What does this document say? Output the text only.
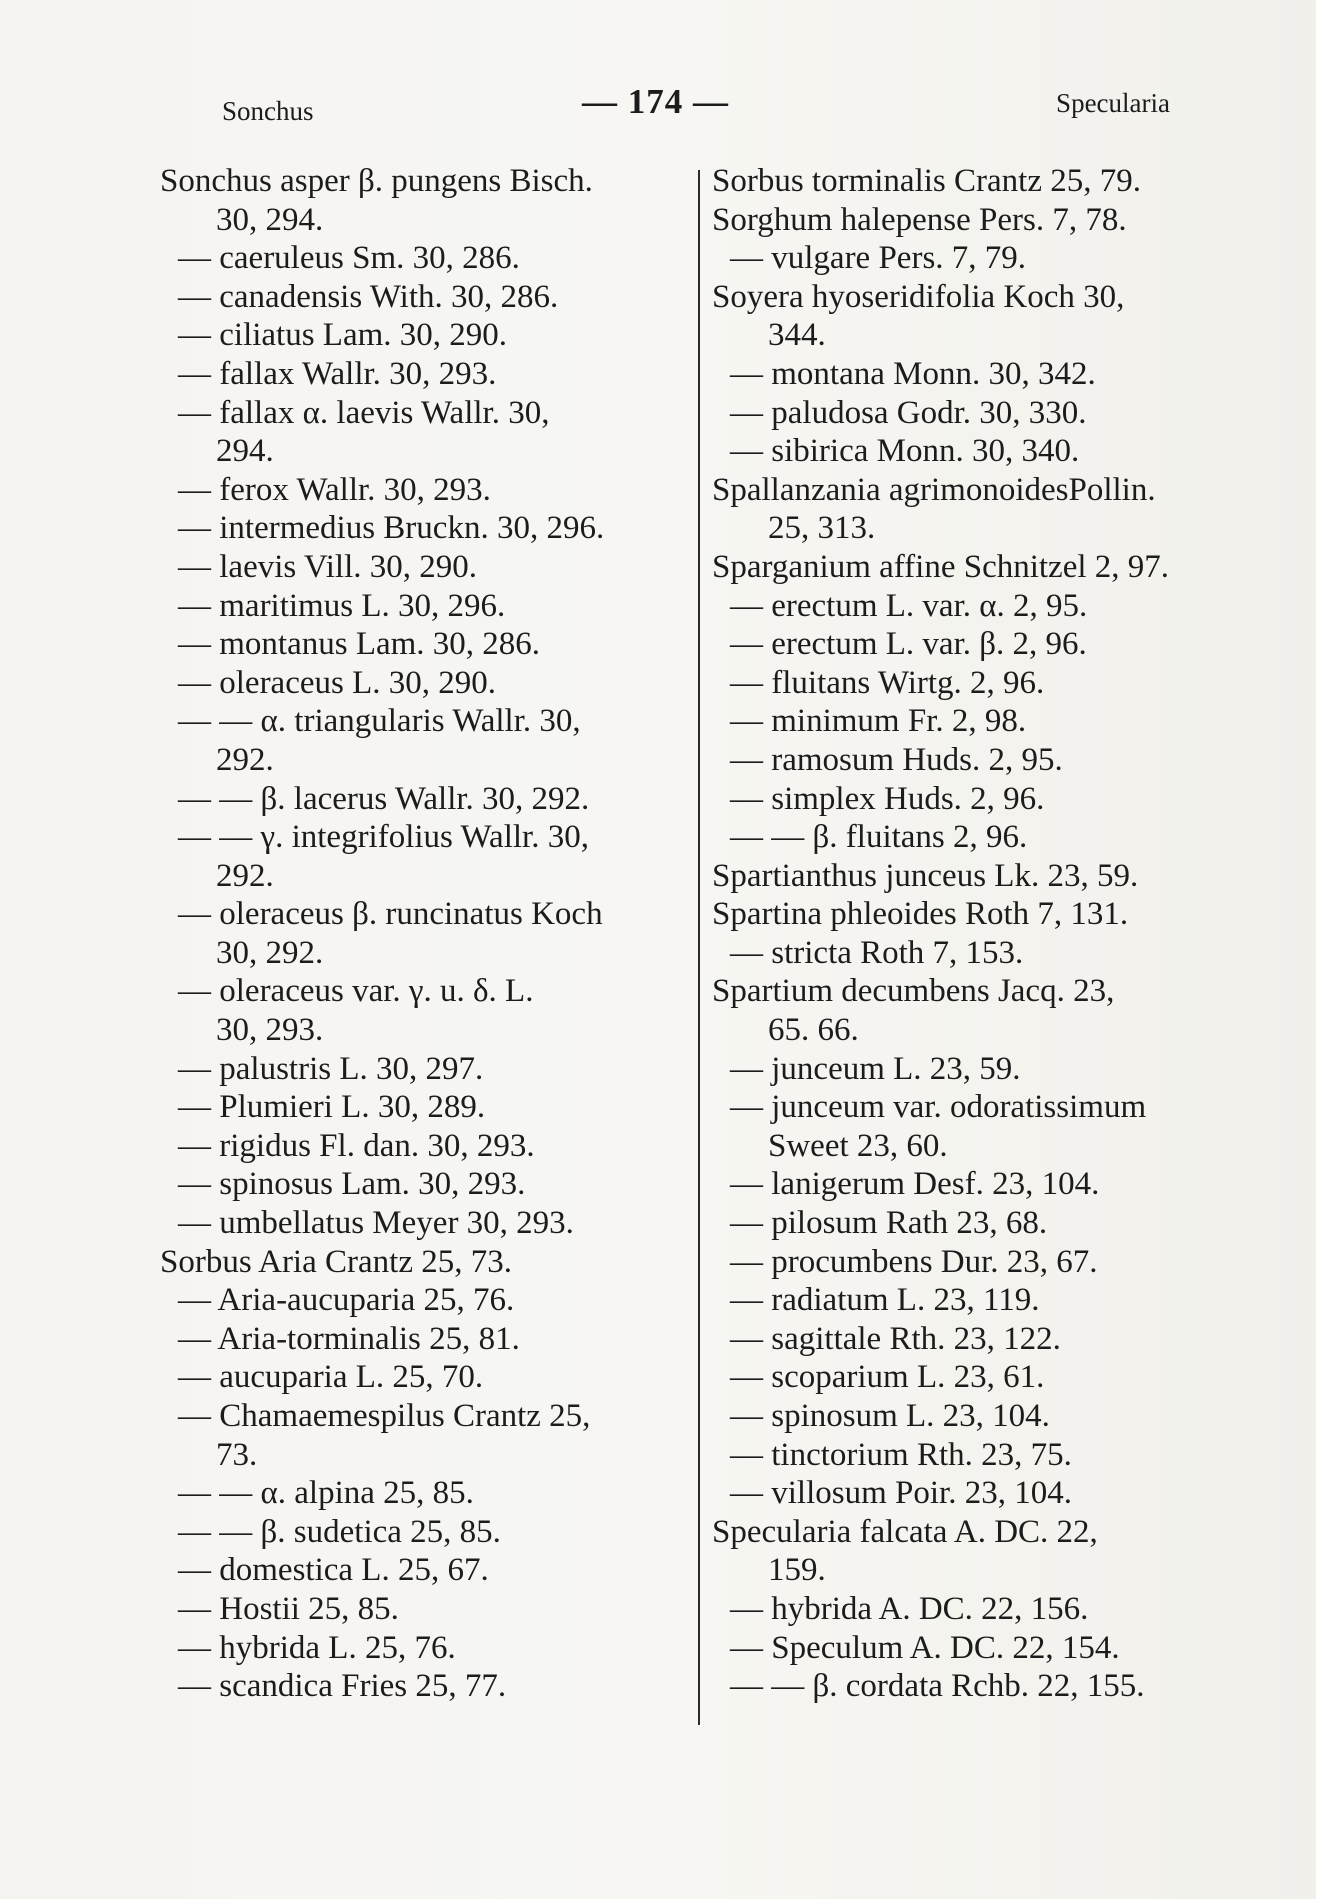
Sonchus	— 174 —	Specularia
Sonchus asper β. pungens Bisch.
30, 294.
— caeruleus Sm. 30, 286.
— canadensis With. 30, 286.
— ciliatus Lam. 30, 290.
— fallax Wallr. 30, 293.
— fallax α. laevis Wallr. 30,
294.
— ferox Wallr. 30, 293.
— intermedius Bruckn. 30, 296.
— laevis Vill. 30, 290.
— maritimus L. 30, 296.
— montanus Lam. 30, 286.
— oleraceus L. 30, 290.
— — α. triangularis Wallr. 30,
292.
— — β. lacerus Wallr. 30, 292.
— — γ. integrifolius Wallr. 30,
292.
— oleraceus β. runcinatus Koch
30, 292.
— oleraceus var. γ. u. δ. L.
30, 293.
— palustris L. 30, 297.
— Plumieri L. 30, 289.
— rigidus Fl. dan. 30, 293.
— spinosus Lam. 30, 293.
— umbellatus Meyer 30, 293.
Sorbus Aria Crantz 25, 73.
— Aria-aucuparia 25, 76.
— Aria-torminalis 25, 81.
— aucuparia L. 25, 70.
— Chamaemespilus Crantz 25,
73.
— — α. alpina 25, 85.
— — β. sudetica 25, 85.
— domestica L. 25, 67.
— Hostii 25, 85.
— hybrida L. 25, 76.
— scandica Fries 25, 77.
Sorbus torminalis Crantz 25, 79.
Sorghum halepense Pers. 7, 78.
— vulgare Pers. 7, 79.
Soyera hyoseridifolia Koch 30,
344.
— montana Monn. 30, 342.
— paludosa Godr. 30, 330.
— sibirica Monn. 30, 340.
Spallanzania agrimonoidesPollin.
25, 313.
Sparganium affine Schnitzel 2, 97.
— erectum L. var. α. 2, 95.
— erectum L. var. β. 2, 96.
— fluitans Wirtg. 2, 96.
— minimum Fr. 2, 98.
— ramosum Huds. 2, 95.
— simplex Huds. 2, 96.
— — β. fluitans 2, 96.
Spartianthus junceus Lk. 23, 59.
Spartina phleoides Roth 7, 131.
— stricta Roth 7, 153.
Spartium decumbens Jacq. 23,
65. 66.
— junceum L. 23, 59.
— junceum var. odoratissimum
Sweet 23, 60.
— lanigerum Desf. 23, 104.
— pilosum Rath 23, 68.
— procumbens Dur. 23, 67.
— radiatum L. 23, 119.
— sagittale Rth. 23, 122.
— scoparium L. 23, 61.
— spinosum L. 23, 104.
— tinctorium Rth. 23, 75.
— villosum Poir. 23, 104.
Specularia falcata A. DC. 22,
159.
— hybrida A. DC. 22, 156.
— Speculum A. DC. 22, 154.
— — β. cordata Rchb. 22, 155.
